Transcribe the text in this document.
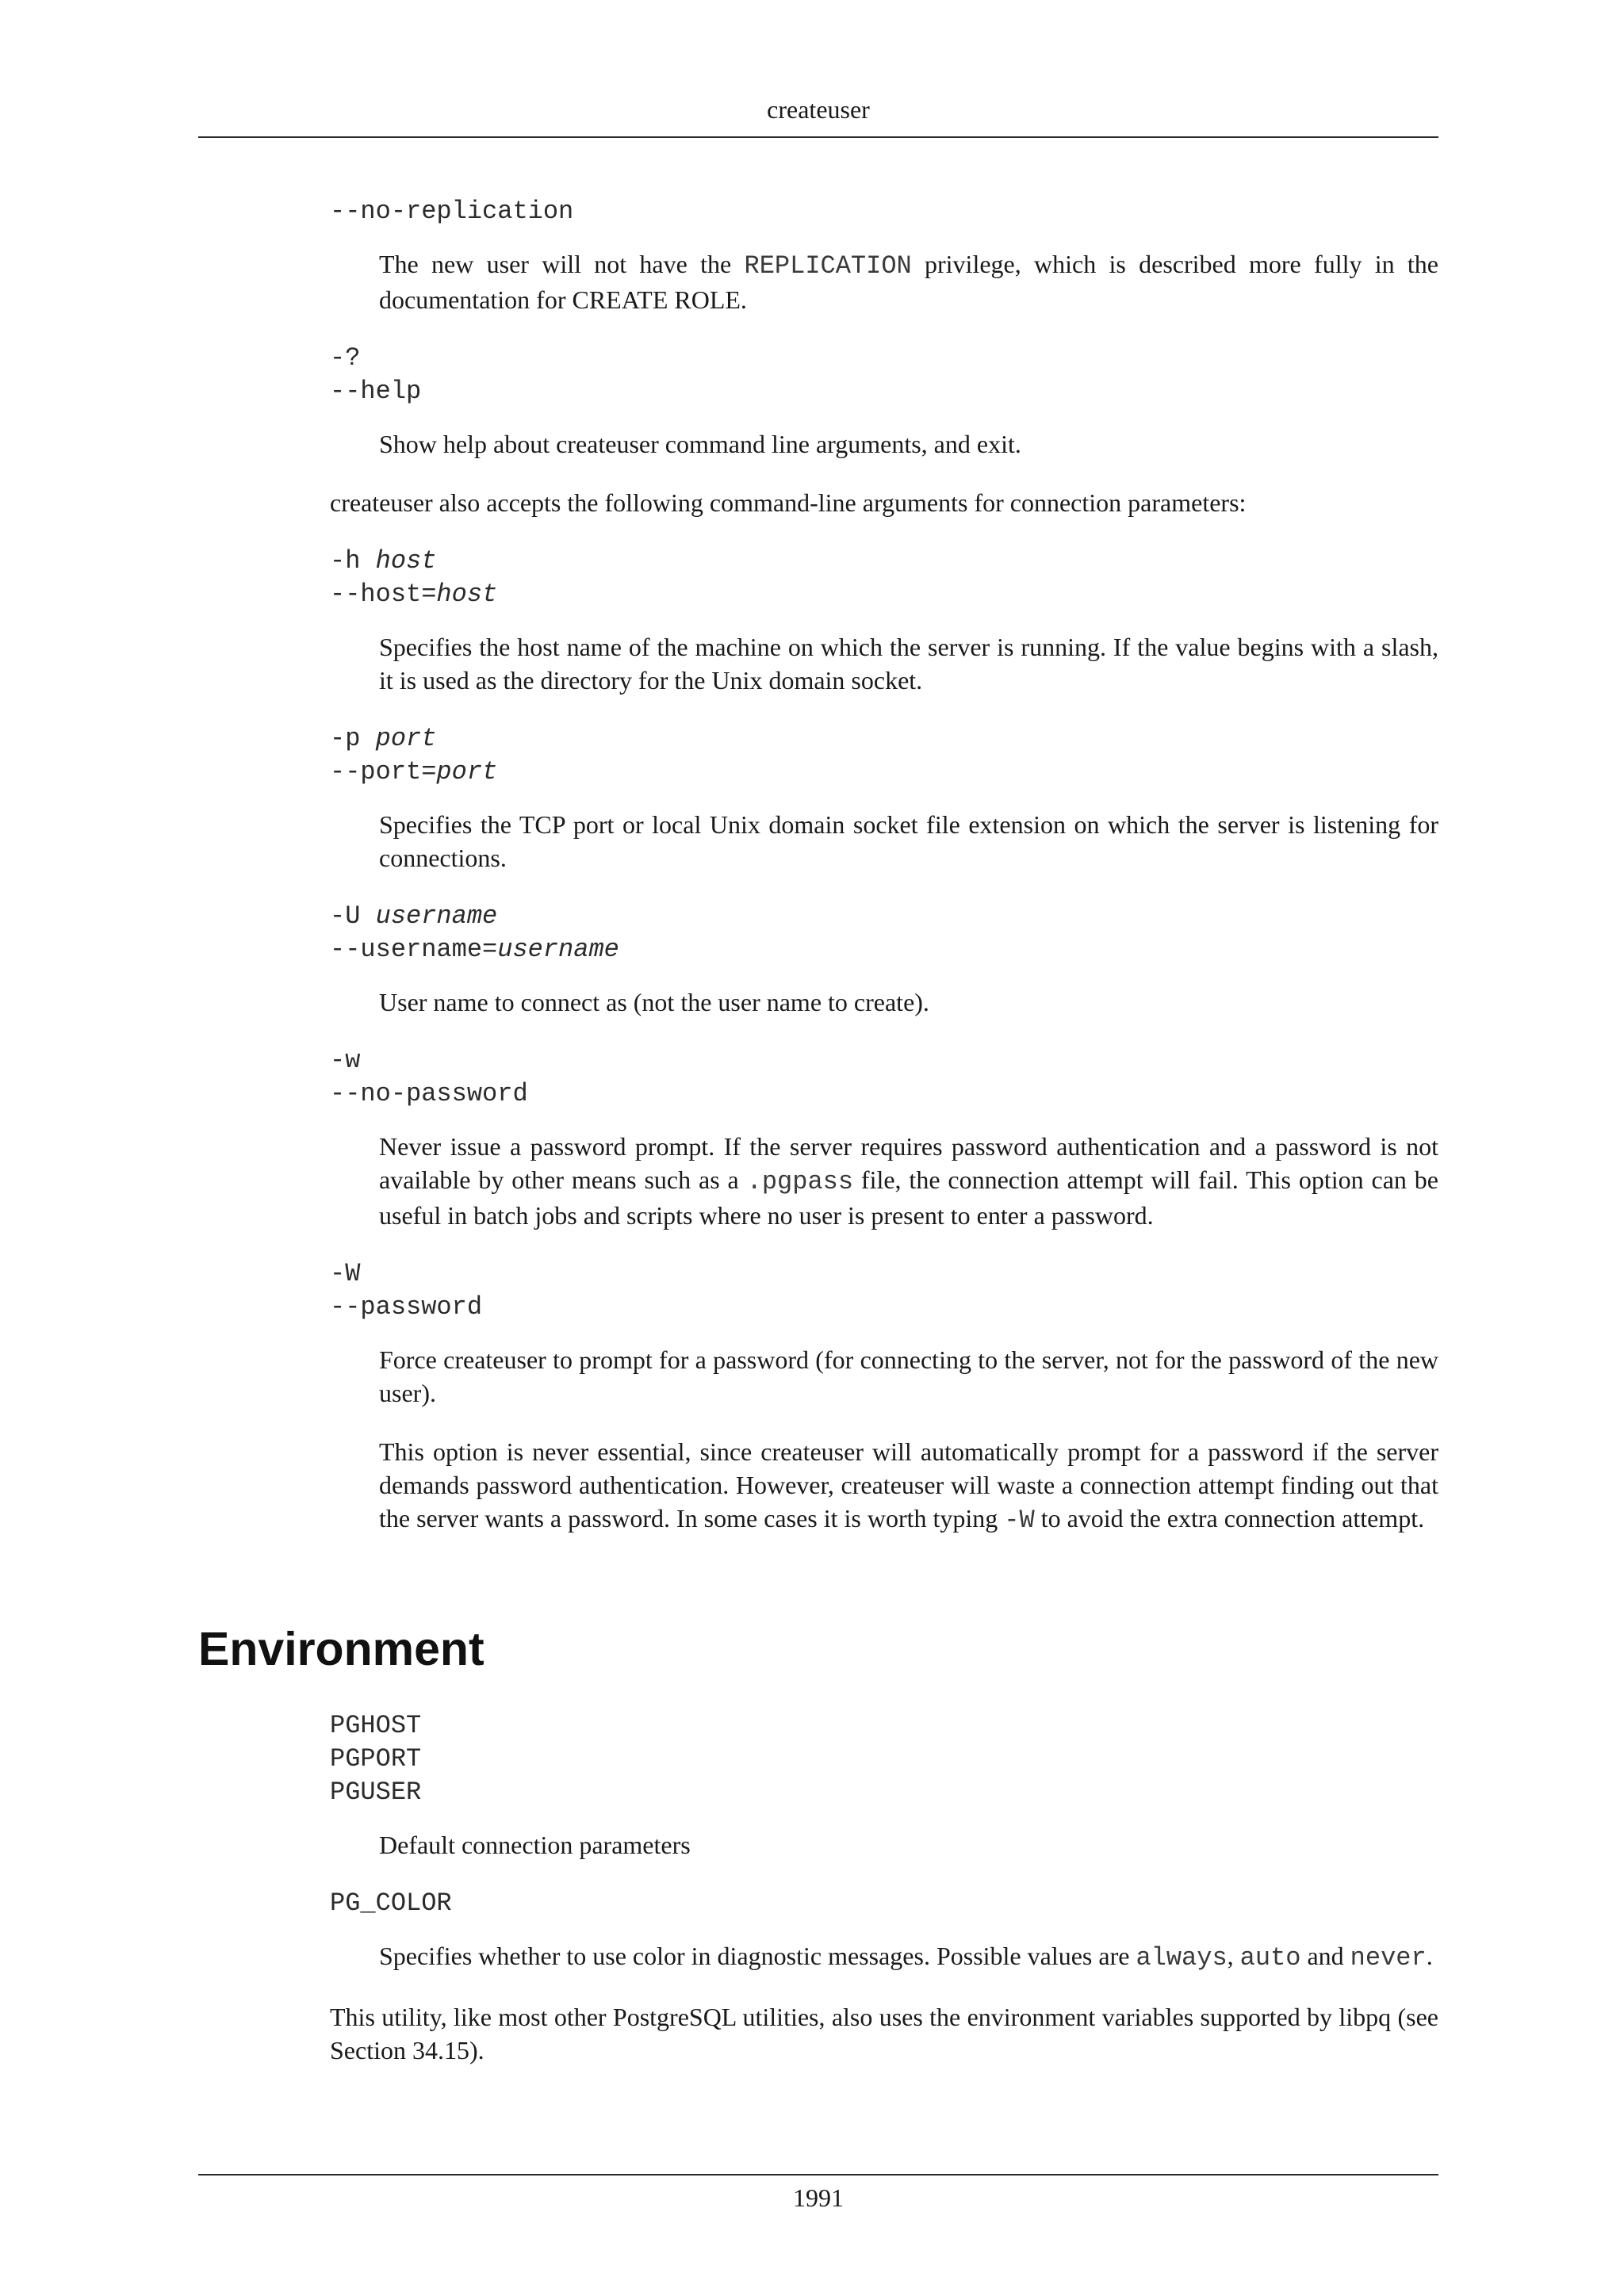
createuser
--no-replication

The new user will not have the REPLICATION privilege, which is described more fully in the documentation for CREATE ROLE.

-?
--help

Show help about createuser command line arguments, and exit.

createuser also accepts the following command-line arguments for connection parameters:

-h host
--host=host

Specifies the host name of the machine on which the server is running. If the value begins with a slash, it is used as the directory for the Unix domain socket.

-p port
--port=port

Specifies the TCP port or local Unix domain socket file extension on which the server is listening for connections.

-U username
--username=username

User name to connect as (not the user name to create).

-w
--no-password

Never issue a password prompt. If the server requires password authentication and a password is not available by other means such as a .pgpass file, the connection attempt will fail. This option can be useful in batch jobs and scripts where no user is present to enter a password.

-W
--password

Force createuser to prompt for a password (for connecting to the server, not for the password of the new user).

This option is never essential, since createuser will automatically prompt for a password if the server demands password authentication. However, createuser will waste a connection attempt finding out that the server wants a password. In some cases it is worth typing -W to avoid the extra connection attempt.

Environment
PGHOST
PGPORT
PGUSER

Default connection parameters

PG_COLOR

Specifies whether to use color in diagnostic messages. Possible values are always, auto and never.

This utility, like most other PostgreSQL utilities, also uses the environment variables supported by libpq (see Section 34.15).

1991
